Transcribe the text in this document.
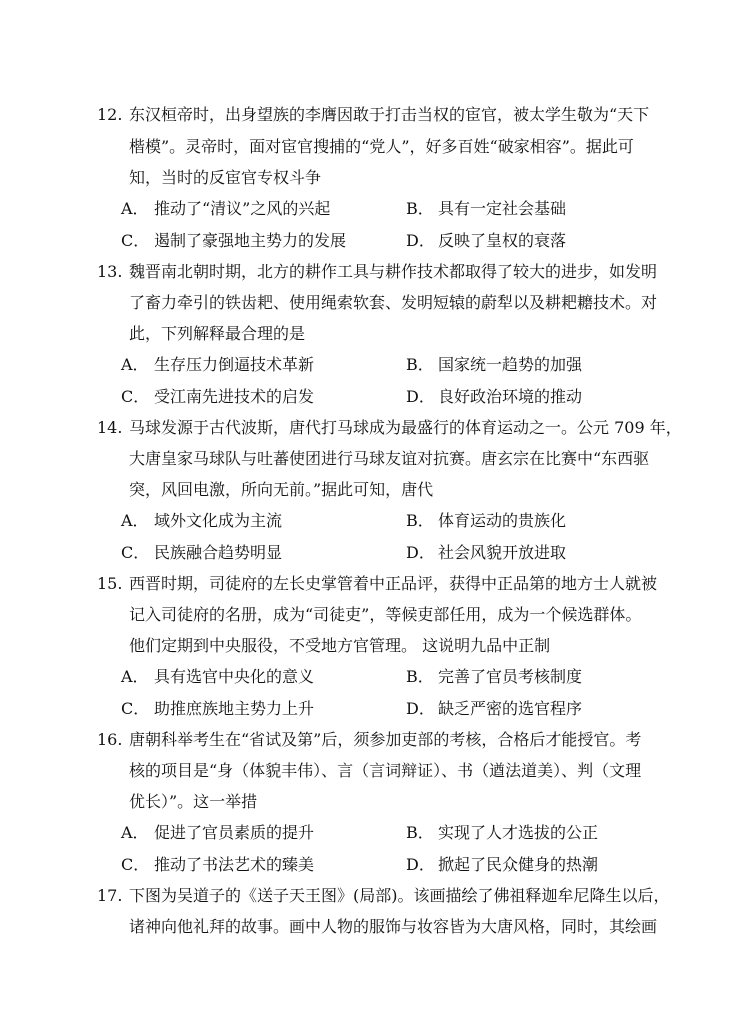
12. 东汉桓帝时，出身望族的李膺因敢于打击当权的宦官，被太学生敬为“天下
楷模”。灵帝时，面对宦官搜捕的“党人”，好多百姓“破家相容”。据此可
知，当时的反宦官专权斗争
A． 推动了“清议”之风的兴起	B． 具有一定社会基础
C． 遏制了豪强地主势力的发展	D． 反映了皇权的衰落
13. 魏晋南北朝时期，北方的耕作工具与耕作技术都取得了较大的进步，如发明
了畜力牵引的铁齿耙、使用绳索软套、发明短辕的蔚犁以及耕耙耱技术。对
此，下列解释最合理的是
A． 生存压力倒逼技术革新	B． 国家统一趋势的加强
C． 受江南先进技术的启发	D． 良好政治环境的推动
14. 马球发源于古代波斯，唐代打马球成为最盛行的体育运动之一。公元 709 年，
大唐皇家马球队与吐蕃使团进行马球友谊对抗赛。唐玄宗在比赛中“东西驱
突，风回电激，所向无前。”据此可知，唐代
A． 域外文化成为主流	B． 体育运动的贵族化
C． 民族融合趋势明显	D． 社会风貌开放进取
15. 西晋时期，司徒府的左长史掌管着中正品评，获得中正品第的地方士人就被
记入司徒府的名册，成为“司徒吏”，等候吏部任用，成为一个候选群体。
他们定期到中央服役，不受地方官管理。 这说明九品中正制
A． 具有选官中央化的意义	B． 完善了官员考核制度
C． 助推庶族地主势力上升	D． 缺乏严密的选官程序
16. 唐朝科举考生在“省试及第”后，须参加吏部的考核，合格后才能授官。考
核的项目是“身（体貌丰伟）、言（言词辩证）、书（遒法道美）、判（文理
优长）”。这一举措
A． 促进了官员素质的提升	B． 实现了人才选拔的公正
C． 推动了书法艺术的臻美	D． 掀起了民众健身的热潮
17. 下图为吴道子的《送子天王图》(局部)。该画描绘了佛祖释迦牟尼降生以后，
诸神向他礼拜的故事。画中人物的服饰与妆容皆为大唐风格，同时，其绘画
